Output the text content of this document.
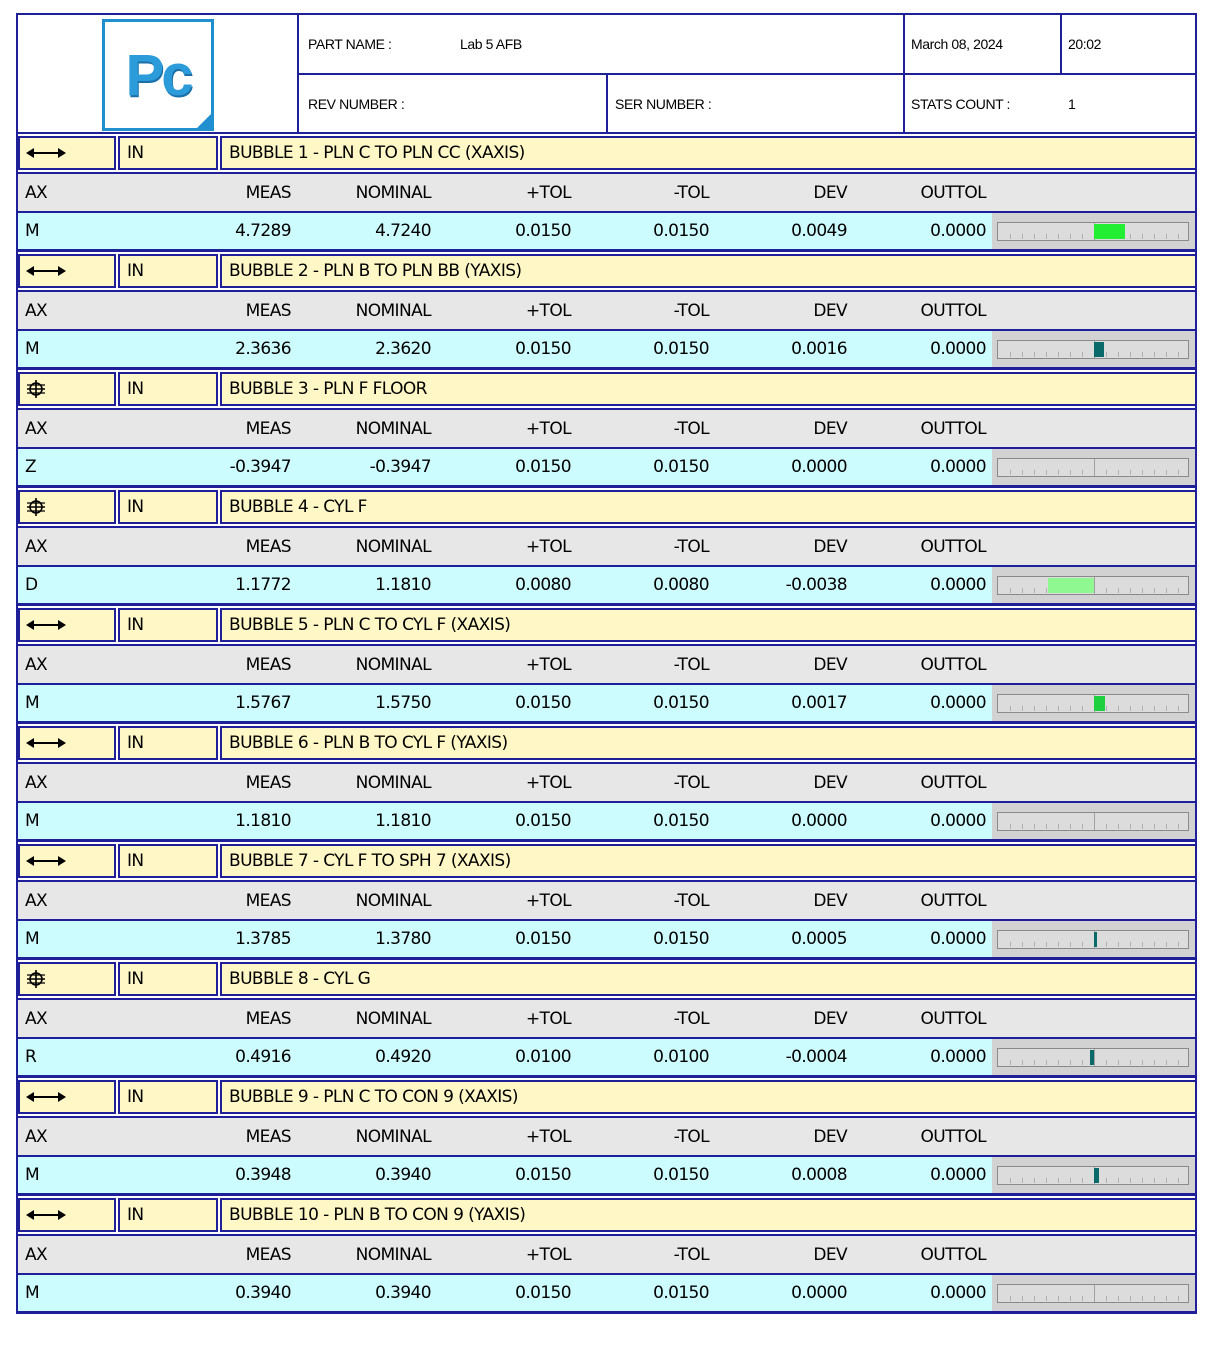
Pc	PART NAME :	Lab 5 AFB	March 08, 2024	20:02
REV NUMBER :	SER NUMBER :	STATS COUNT :	1
IN	BUBBLE 1 - PLN C TO PLN CC (XAXIS)
AX	MEAS	NOMINAL	+TOL	-TOL	DEV	OUTTOL
M	4.7289	4.7240	0.0150	0.0150	0.0049	0.0000
IN	BUBBLE 2 - PLN B TO PLN BB (YAXIS)
AX	MEAS	NOMINAL	+TOL	-TOL	DEV	OUTTOL
M	2.3636	2.3620	0.0150	0.0150	0.0016	0.0000
IN	BUBBLE 3 - PLN F FLOOR
AX	MEAS	NOMINAL	+TOL	-TOL	DEV	OUTTOL
Z	-0.3947	-0.3947	0.0150	0.0150	0.0000	0.0000
IN	BUBBLE 4 - CYL F
AX	MEAS	NOMINAL	+TOL	-TOL	DEV	OUTTOL
D	1.1772	1.1810	0.0080	0.0080	-0.0038	0.0000
IN	BUBBLE 5 - PLN C TO CYL F (XAXIS)
AX	MEAS	NOMINAL	+TOL	-TOL	DEV	OUTTOL
M	1.5767	1.5750	0.0150	0.0150	0.0017	0.0000
IN	BUBBLE 6 - PLN B TO CYL F (YAXIS)
AX	MEAS	NOMINAL	+TOL	-TOL	DEV	OUTTOL
M	1.1810	1.1810	0.0150	0.0150	0.0000	0.0000
IN	BUBBLE 7 - CYL F TO SPH 7 (XAXIS)
AX	MEAS	NOMINAL	+TOL	-TOL	DEV	OUTTOL
M	1.3785	1.3780	0.0150	0.0150	0.0005	0.0000
IN	BUBBLE 8 - CYL G
AX	MEAS	NOMINAL	+TOL	-TOL	DEV	OUTTOL
R	0.4916	0.4920	0.0100	0.0100	-0.0004	0.0000
IN	BUBBLE 9 - PLN C TO CON 9 (XAXIS)
AX	MEAS	NOMINAL	+TOL	-TOL	DEV	OUTTOL
M	0.3948	0.3940	0.0150	0.0150	0.0008	0.0000
IN	BUBBLE 10 - PLN B TO CON 9 (YAXIS)
AX	MEAS	NOMINAL	+TOL	-TOL	DEV	OUTTOL
M	0.3940	0.3940	0.0150	0.0150	0.0000	0.0000
